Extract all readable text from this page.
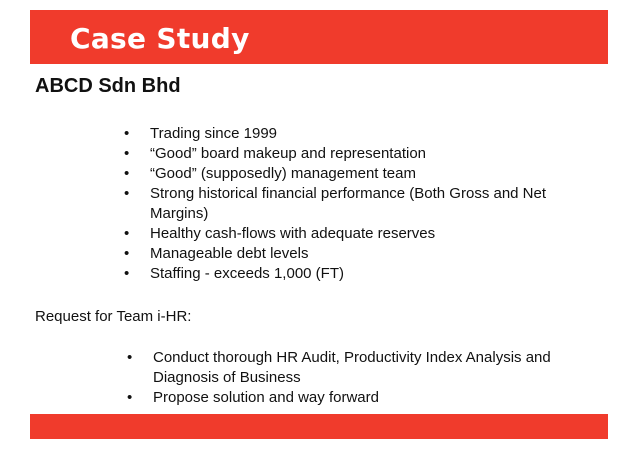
Case Study
ABCD Sdn Bhd
• Trading since 1999
• “Good” board makeup and representation
• “Good” (supposedly) management team
• Strong historical financial performance (Both Gross and Net Margins)
• Healthy cash-flows with adequate reserves
• Manageable debt levels
• Staffing - exceeds 1,000 (FT)
Request for Team i-HR:
• Conduct thorough HR Audit, Productivity Index Analysis and Diagnosis of Business
• Propose solution and way forward
